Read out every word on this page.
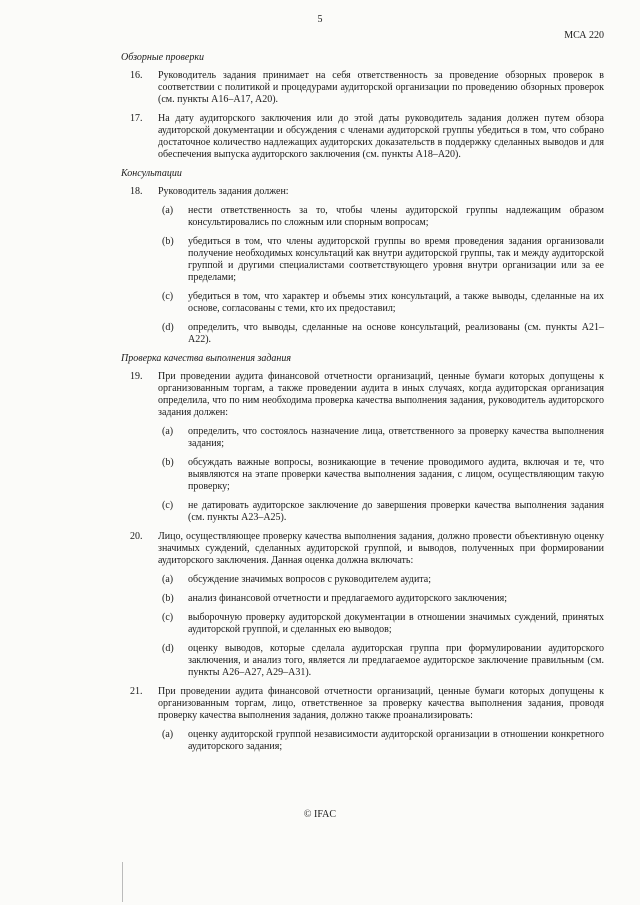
5
МСА 220
Обзорные проверки
16. Руководитель задания принимает на себя ответственность за проведение обзорных проверок в соответствии с политикой и процедурами аудиторской организации по проведению обзорных проверок (см. пункты A16–A17, A20).
17. На дату аудиторского заключения или до этой даты руководитель задания должен путем обзора аудиторской документации и обсуждения с членами аудиторской группы убедиться в том, что собрано достаточное количество надлежащих аудиторских доказательств в поддержку сделанных выводов и для обеспечения выпуска аудиторского заключения (см. пункты A18–A20).
Консультации
18. Руководитель задания должен:
(a) нести ответственность за то, чтобы члены аудиторской группы надлежащим образом консультировались по сложным или спорным вопросам;
(b) убедиться в том, что члены аудиторской группы во время проведения задания организовали получение необходимых консультаций как внутри аудиторской группы, так и между аудиторской группой и другими специалистами соответствующего уровня внутри организации или за ее пределами;
(c) убедиться в том, что характер и объемы этих консультаций, а также выводы, сделанные на их основе, согласованы с теми, кто их предоставил;
(d) определить, что выводы, сделанные на основе консультаций, реализованы (см. пункты A21–A22).
Проверка качества выполнения задания
19. При проведении аудита финансовой отчетности организаций, ценные бумаги которых допущены к организованным торгам, а также проведении аудита в иных случаях, когда аудиторская организация определила, что по ним необходима проверка качества выполнения задания, руководитель аудиторского задания должен:
(a) определить, что состоялось назначение лица, ответственного за проверку качества выполнения задания;
(b) обсуждать важные вопросы, возникающие в течение проводимого аудита, включая и те, что выявляются на этапе проверки качества выполнения задания, с лицом, осуществляющим такую проверку;
(c) не датировать аудиторское заключение до завершения проверки качества выполнения задания (см. пункты A23–A25).
20. Лицо, осуществляющее проверку качества выполнения задания, должно провести объективную оценку значимых суждений, сделанных аудиторской группой, и выводов, полученных при формировании аудиторского заключения. Данная оценка должна включать:
(a) обсуждение значимых вопросов с руководителем аудита;
(b) анализ финансовой отчетности и предлагаемого аудиторского заключения;
(c) выборочную проверку аудиторской документации в отношении значимых суждений, принятых аудиторской группой, и сделанных ею выводов;
(d) оценку выводов, которые сделала аудиторская группа при формулировании аудиторского заключения, и анализ того, является ли предлагаемое аудиторское заключение правильным (см. пункты A26–A27, A29–A31).
21. При проведении аудита финансовой отчетности организаций, ценные бумаги которых допущены к организованным торгам, лицо, ответственное за проверку качества выполнения задания, проводя проверку качества выполнения задания, должно также проанализировать:
(a) оценку аудиторской группой независимости аудиторской организации в отношении конкретного аудиторского задания;
© IFAC
